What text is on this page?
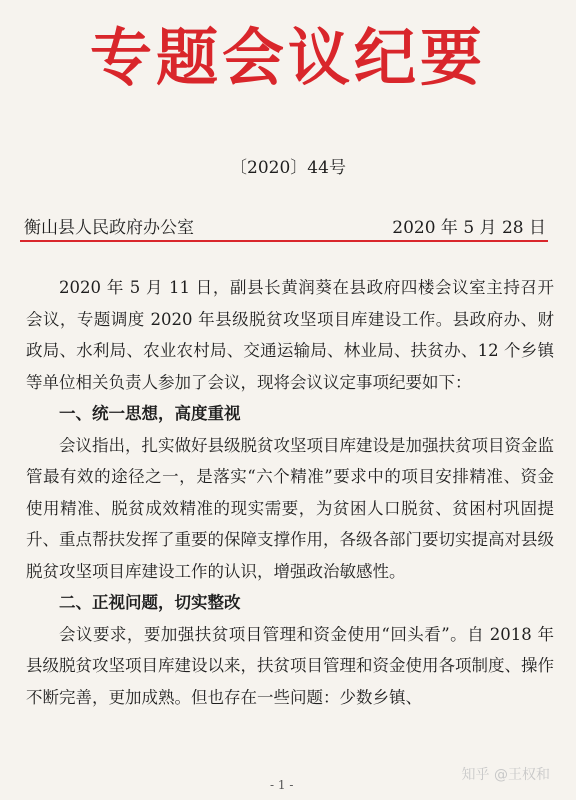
专题会议纪要
〔2020〕44号
衡山县人民政府办公室	2020 年 5 月 28 日

2020 年 5 月 11 日，副县长黄润葵在县政府四楼会议室主持召开会议，专题调度 2020 年县级脱贫攻坚项目库建设工作。县政府办、财政局、水利局、农业农村局、交通运输局、林业局、扶贫办、12 个乡镇等单位相关负责人参加了会议，现将会议议定事项纪要如下：

一、统一思想，高度重视

会议指出，扎实做好县级脱贫攻坚项目库建设是加强扶贫项目资金监管最有效的途径之一，是落实“六个精准”要求中的项目安排精准、资金使用精准、脱贫成效精准的现实需要，为贫困人口脱贫、贫困村巩固提升、重点帮扶发挥了重要的保障支撑作用，各级各部门要切实提高对县级脱贫攻坚项目库建设工作的认识，增强政治敏感性。

二、正视问题，切实整改

会议要求，要加强扶贫项目管理和资金使用“回头看”。自 2018 年县级脱贫攻坚项目库建设以来，扶贫项目管理和资金使用各项制度、操作不断完善，更加成熟。但也存在一些问题：少数乡镇、

- 1 -
知乎 @王权和
